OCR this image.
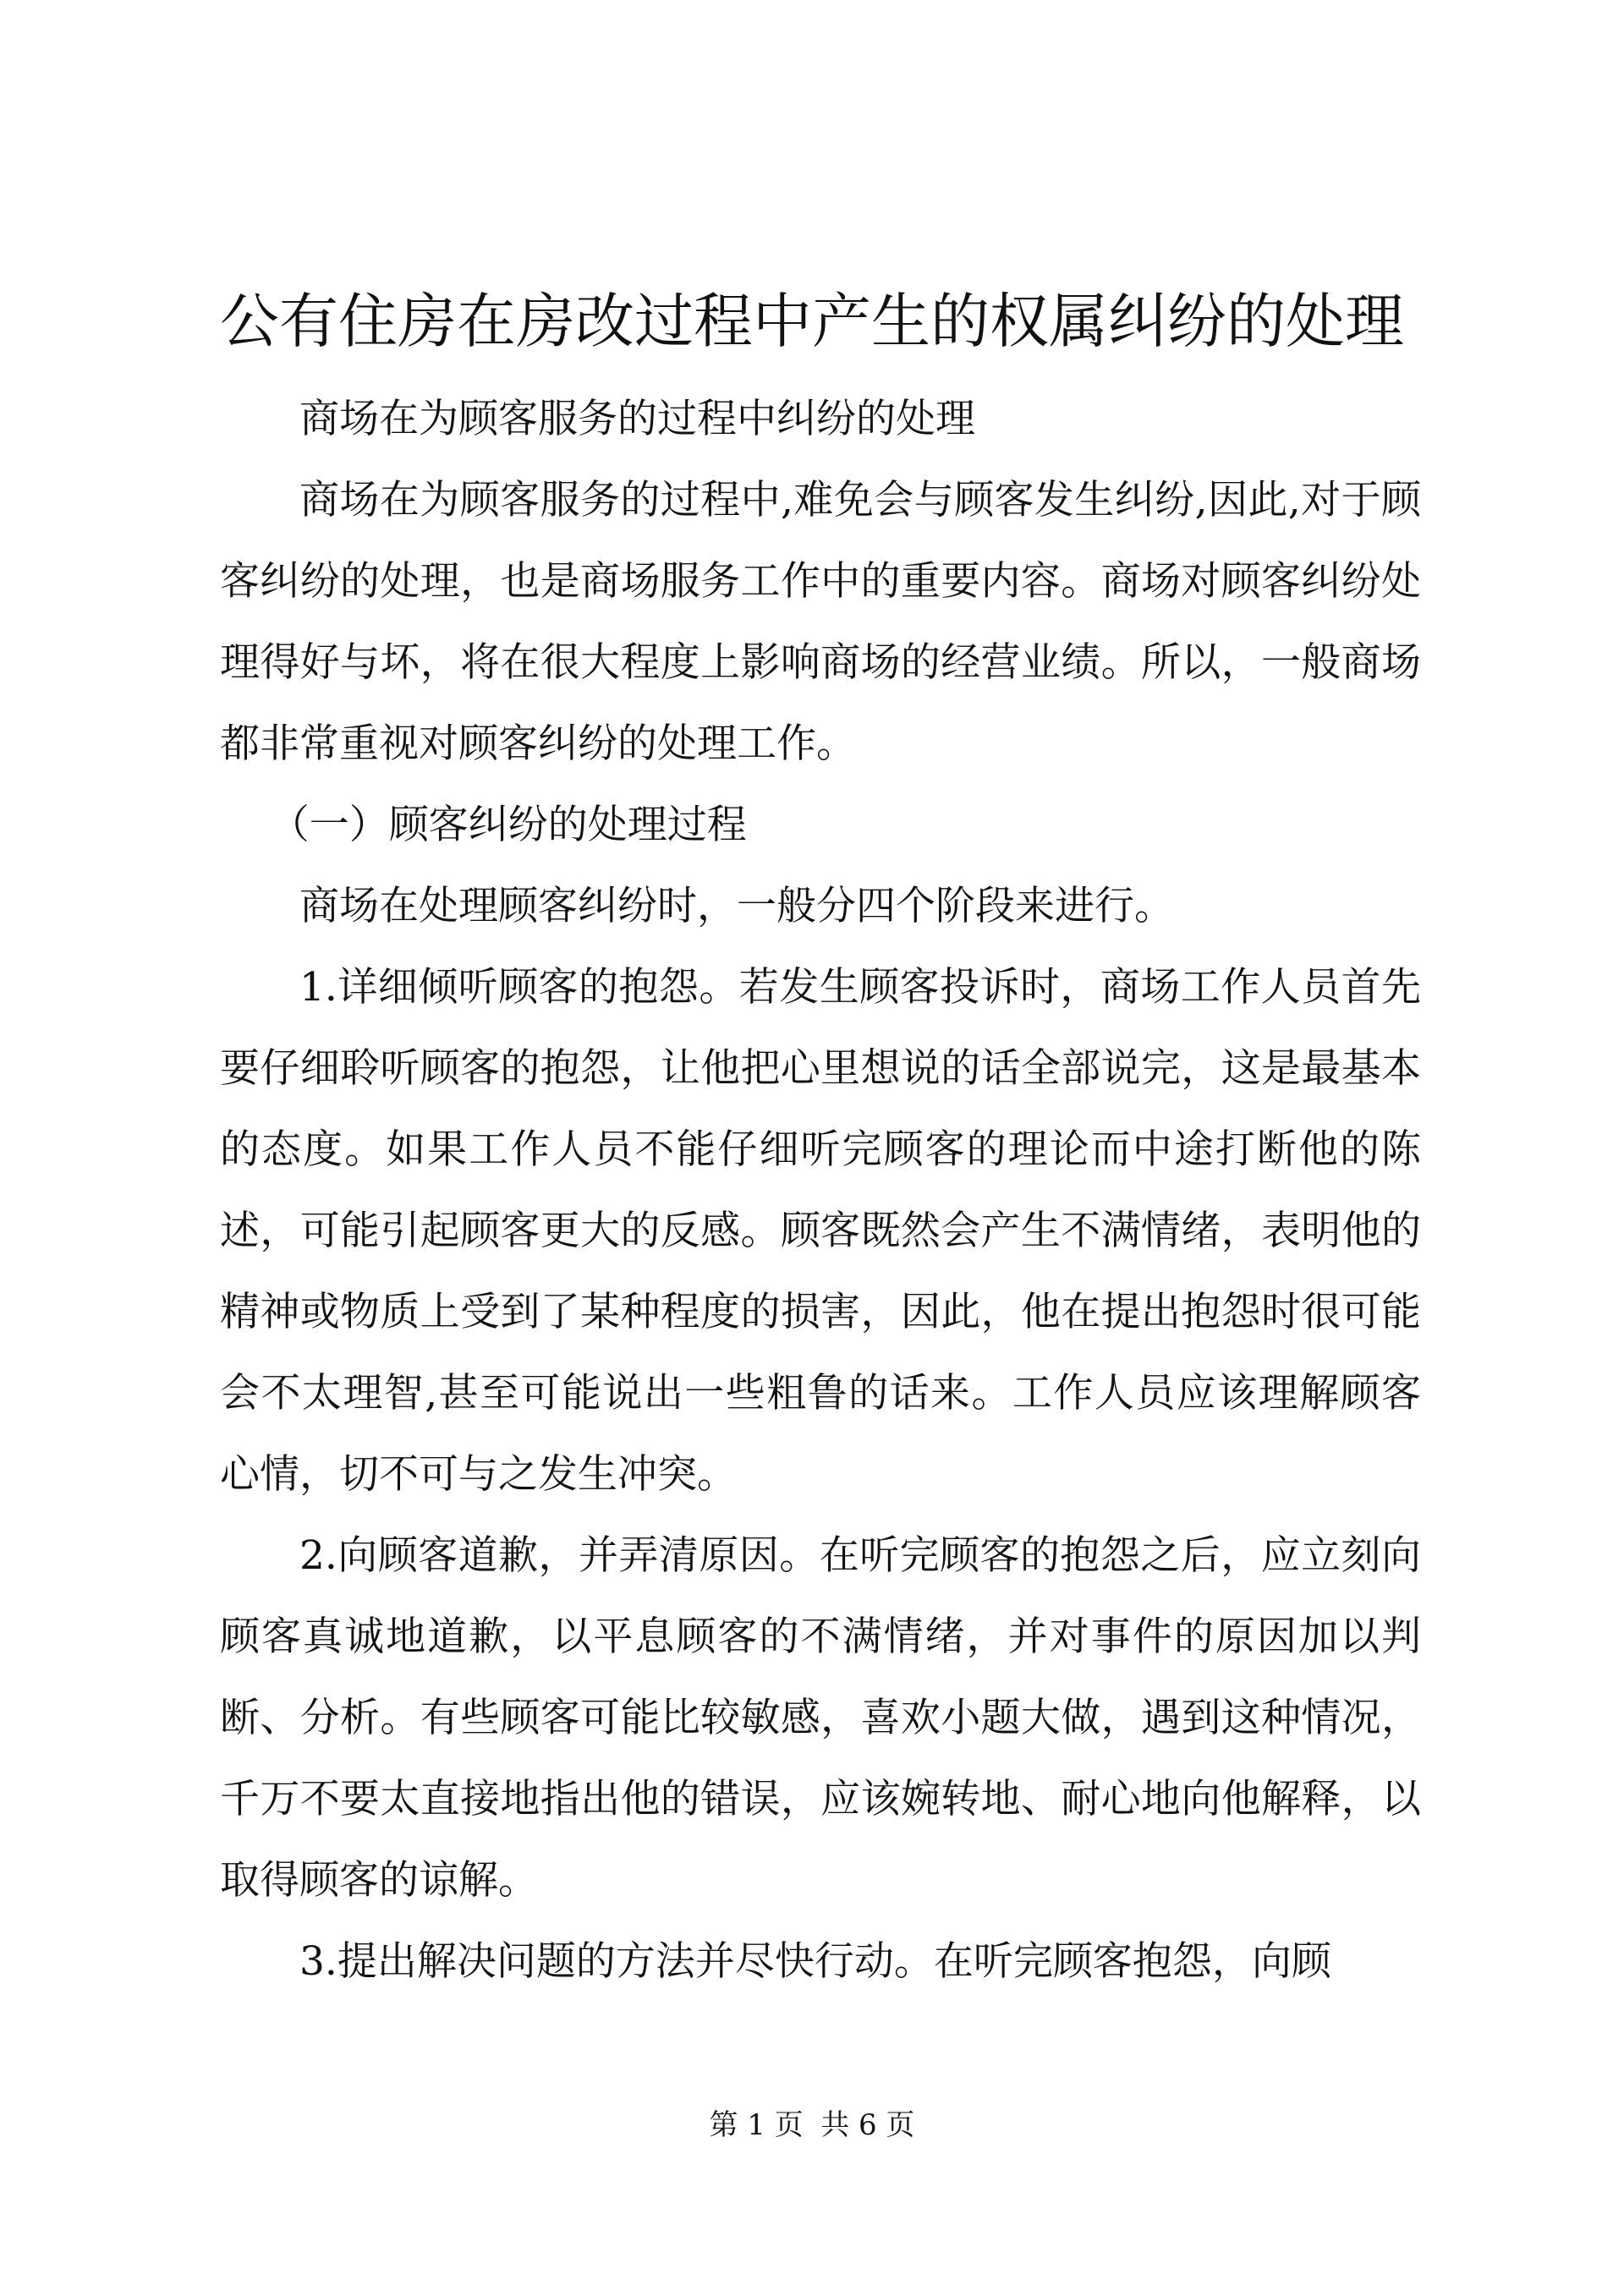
公有住房在房改过程中产生的权属纠纷的处理

商场在为顾客服务的过程中纠纷的处理

商场在为顾客服务的过程中,难免会与顾客发生纠纷,因此,对于顾客纠纷的处理，也是商场服务工作中的重要内容。商场对顾客纠纷处理得好与坏，将在很大程度上影响商场的经营业绩。所以，一般商场都非常重视对顾客纠纷的处理工作。

（一）顾客纠纷的处理过程

商场在处理顾客纠纷时，一般分四个阶段来进行。

1.详细倾听顾客的抱怨。若发生顾客投诉时，商场工作人员首先要仔细聆听顾客的抱怨，让他把心里想说的话全部说完，这是最基本的态度。如果工作人员不能仔细听完顾客的理论而中途打断他的陈述，可能引起顾客更大的反感。顾客既然会产生不满情绪，表明他的精神或物质上受到了某种程度的损害，因此，他在提出抱怨时很可能会不太理智,甚至可能说出一些粗鲁的话来。工作人员应该理解顾客心情，切不可与之发生冲突。

2.向顾客道歉，并弄清原因。在听完顾客的抱怨之后，应立刻向顾客真诚地道歉，以平息顾客的不满情绪，并对事件的原因加以判断、分析。有些顾客可能比较敏感，喜欢小题大做，遇到这种情况，千万不要太直接地指出他的错误，应该婉转地、耐心地向他解释，以取得顾客的谅解。

3.提出解决问题的方法并尽快行动。在听完顾客抱怨，向顾

第 1 页 共 6 页
